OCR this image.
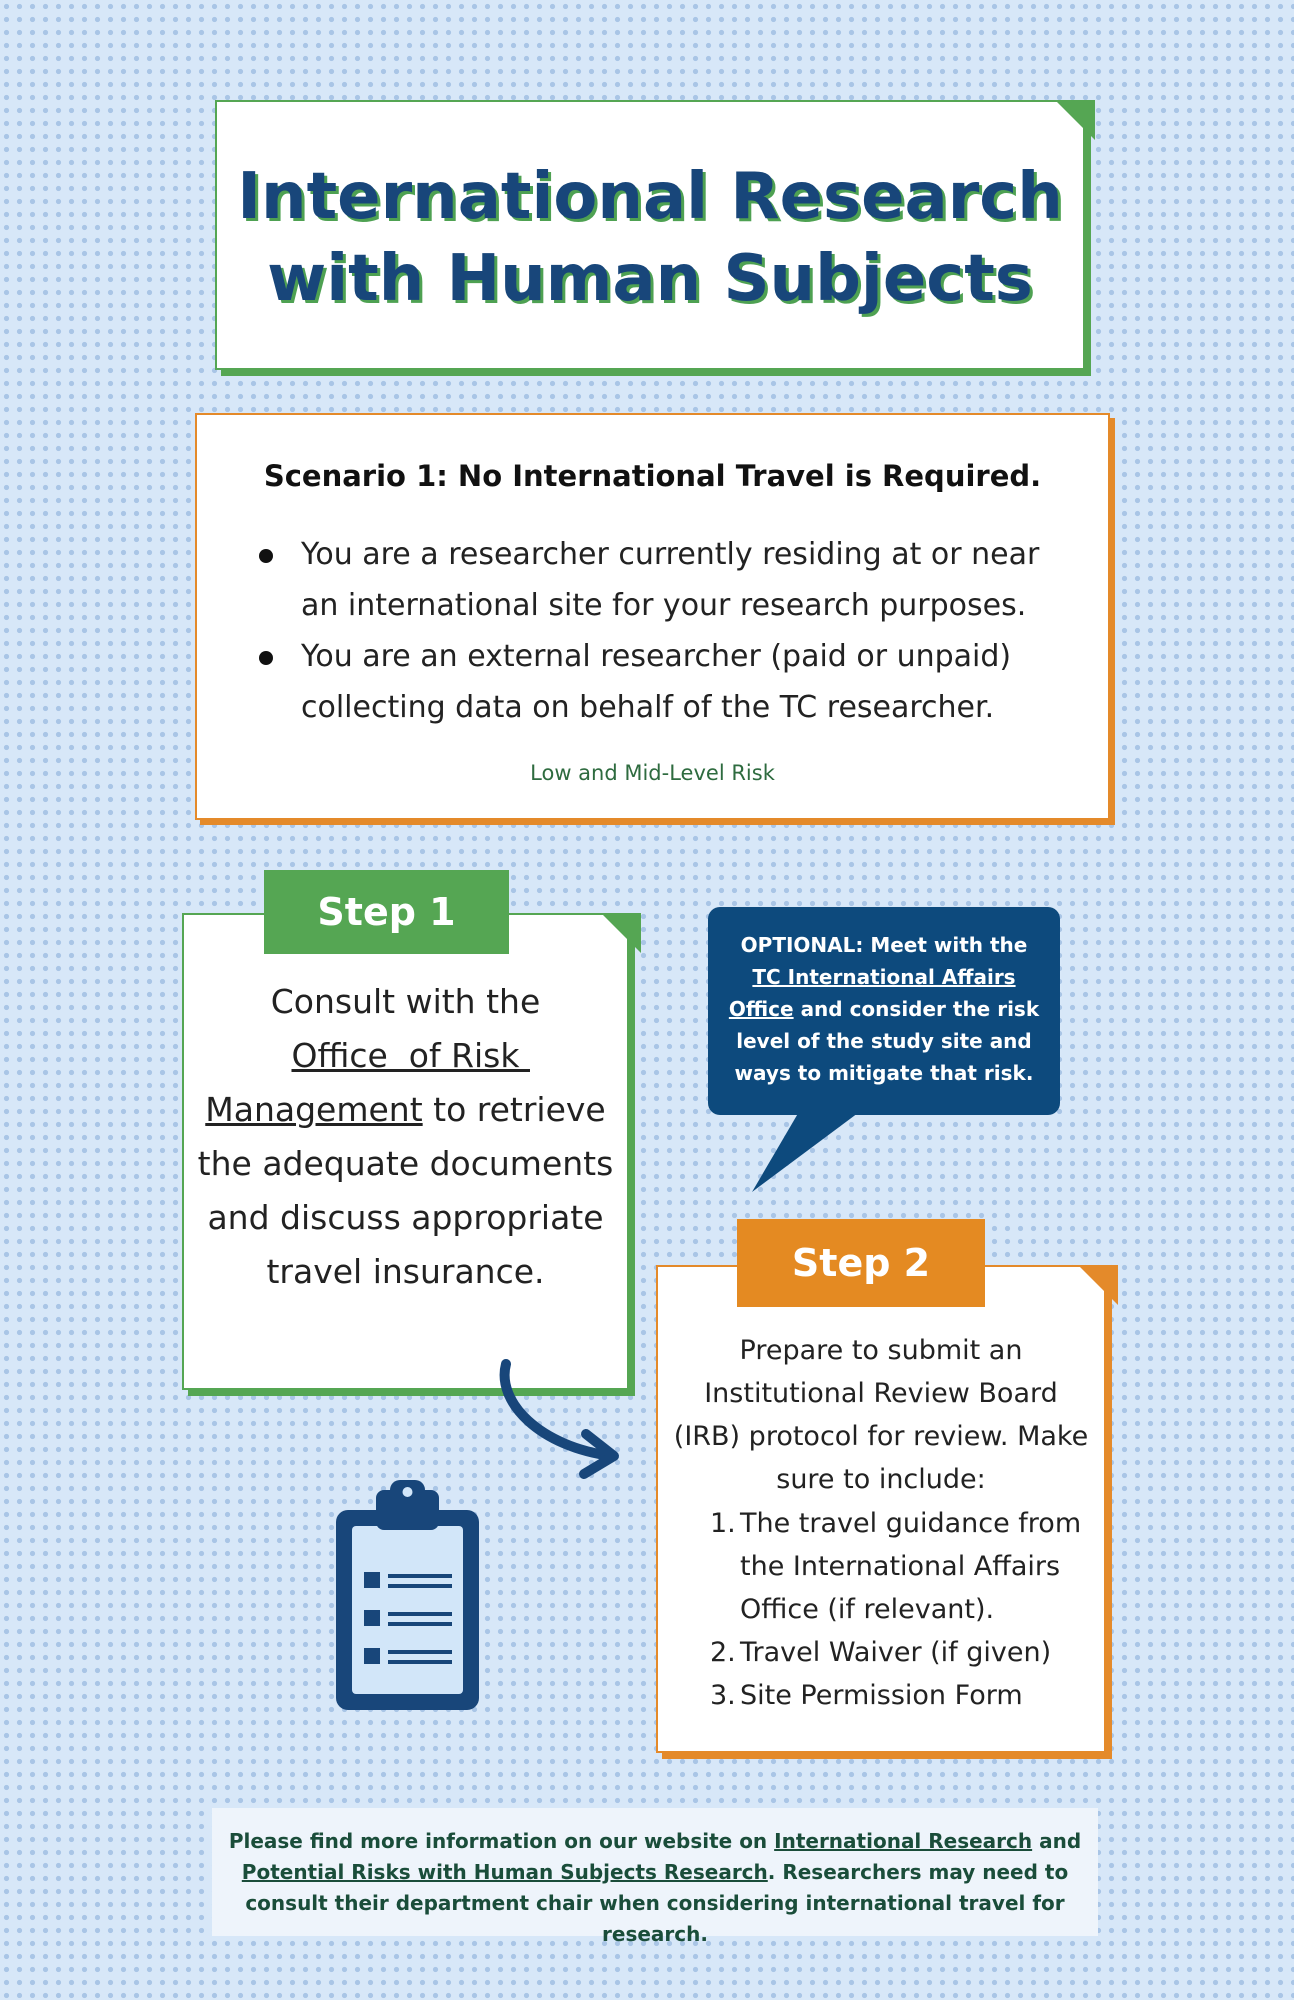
International Research
with Human Subjects
Scenario 1: No International Travel is Required.
You are a researcher currently residing at or near an international site for your research purposes.
You are an external researcher (paid or unpaid) collecting data on behalf of the TC researcher.
Low and Mid-Level Risk
Consult with the
Office  of Risk Management to retrieve the adequate documents and discuss appropriate travel insurance.
Step 1
OPTIONAL: Meet with the TC International Affairs Office and consider the risk level of the study site and ways to mitigate that risk.
Prepare to submit an Institutional Review Board (IRB) protocol for review. Make sure to include:
1. The travel guidance from the International Affairs Office (if relevant).
2. Travel Waiver (if given)
3. Site Permission Form
Step 2
Please find more information on our website on International Research and Potential Risks with Human Subjects Research. Researchers may need to consult their department chair when considering international travel for research.
